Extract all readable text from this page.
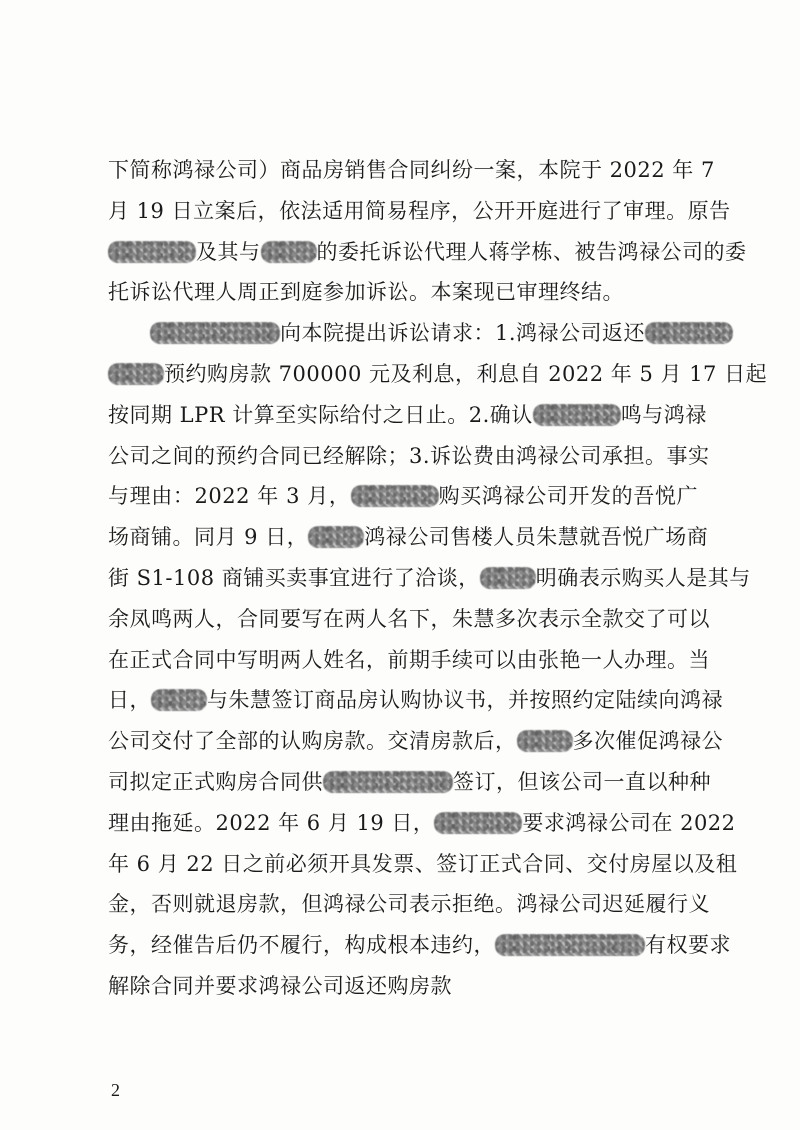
下简称鸿禄公司）商品房销售合同纠纷一案，本院于 2022 年 7
月 19 日立案后，依法适用简易程序，公开开庭进行了审理。原告
及其与	的委托诉讼代理人蒋学栋、被告鸿禄公司的委
托诉讼代理人周正到庭参加诉讼。本案现已审理终结。
向本院提出诉讼请求：1.鸿禄公司返还
预约购房款 700000 元及利息，利息自 2022 年 5 月 17 日起
按同期 LPR 计算至实际给付之日止。2.确认	鸣与鸿禄
公司之间的预约合同已经解除；3.诉讼费由鸿禄公司承担。事实
与理由：2022 年 3 月，	购买鸿禄公司开发的吾悦广
场商铺。同月 9 日，	鸿禄公司售楼人员朱慧就吾悦广场商
街 S1-108 商铺买卖事宜进行了洽谈，	明确表示购买人是其与
余凤鸣两人，合同要写在两人名下，朱慧多次表示全款交了可以
在正式合同中写明两人姓名，前期手续可以由张艳一人办理。当
日，	与朱慧签订商品房认购协议书，并按照约定陆续向鸿禄
公司交付了全部的认购房款。交清房款后，	多次催促鸿禄公
司拟定正式购房合同供	签订，但该公司一直以种种
理由拖延。2022 年 6 月 19 日，	要求鸿禄公司在 2022
年 6 月 22 日之前必须开具发票、签订正式合同、交付房屋以及租
金，否则就退房款，但鸿禄公司表示拒绝。鸿禄公司迟延履行义
务，经催告后仍不履行，构成根本违约，	有权要求
解除合同并要求鸿禄公司返还购房款
2
